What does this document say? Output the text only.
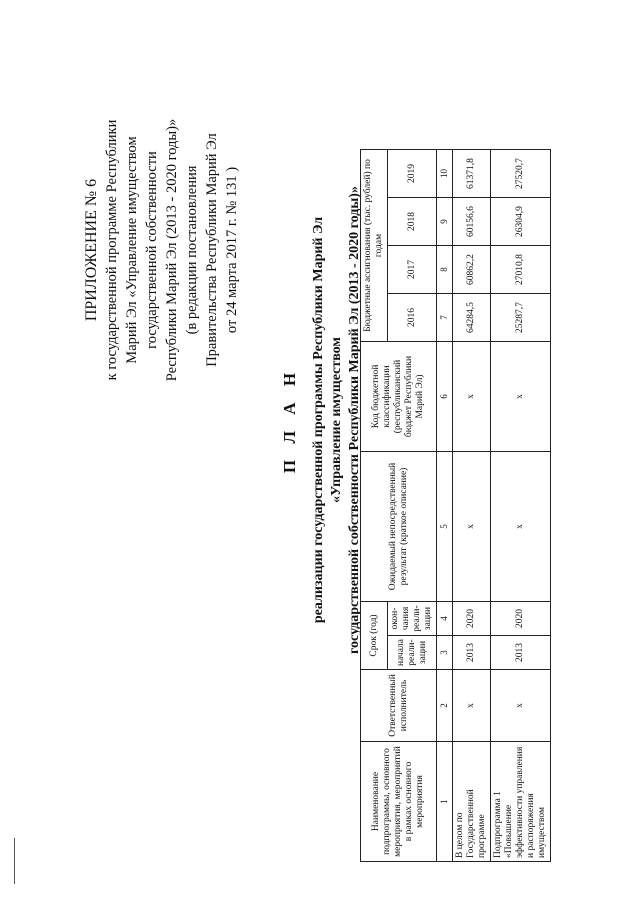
ПРИЛОЖЕНИЕ № 6 к государственной программе Республики Марий Эл «Управление имуществом государственной собственности Республики Марий Эл (2013 - 2020 годы)» (в редакции постановления Правительства Республики Марий Эл от 24 марта 2017 г. № 131 )
П Л А Н реализации государственной программы Республики Марий Эл «Управление имуществом государственной собственности Республики Марий Эл (2013 - 2020 годы)»
Наименование подпрограммы, основного мероприятия, мероприятий в рамках основного мероприятия	Ответственный исполнитель	Срок (год)		Ожидаемый непосредственный результат (краткое описание)	Код бюджетной классификации (республиканский бюджет Республики Марий Эл)	Бюджетные ассигнования (тыс. рублей) по годам			
		начала реали- зации	окон- чания реали- зации			2016	2017	2018	2019
1	2	3	4	5	6	7	8	9	10
В целом по Государственной программе	х	2013	2020	х	х	64284,5	60862,2	60156,6	61371,8
Подпрограмма 1 «Повышение эффективности управления и распоряжения имуществом	х	2013	2020	х	х	25287,7	27010,8	26304,9	27520,7
